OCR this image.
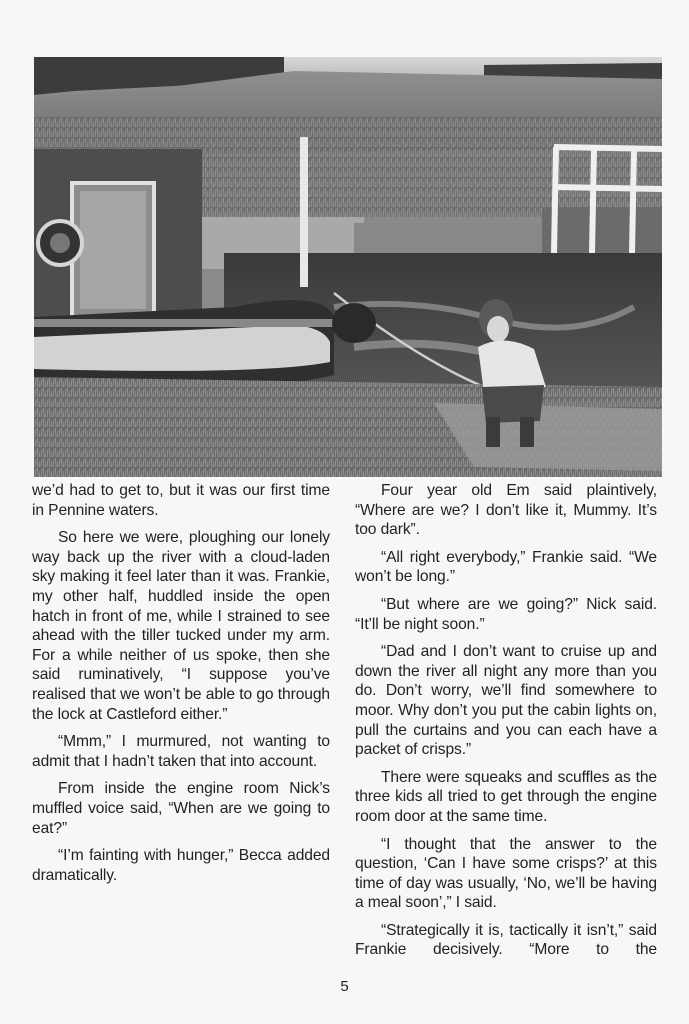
we’d had to get to, but it was our first time in Pennine waters.

So here we were, ploughing our lonely way back up the river with a cloud-laden sky making it feel later than it was. Frankie, my other half, huddled inside the open hatch in front of me, while I strained to see ahead with the tiller tucked under my arm. For a while neither of us spoke, then she said ruminatively, “I suppose you’ve realised that we won’t be able to go through the lock at Castleford either.”

“Mmm,” I murmured, not wanting to admit that I hadn’t taken that into account.

From inside the engine room Nick’s muffled voice said, “When are we going to eat?”

“I’m fainting with hunger,” Becca added dramatically.

Four year old Em said plaintively, “Where are we? I don’t like it, Mummy. It’s too dark”.

“All right everybody,” Frankie said. “We won’t be long.”

“But where are we going?” Nick said. “It’ll be night soon.”

“Dad and I don’t want to cruise up and down the river all night any more than you do. Don’t worry, we’ll find somewhere to moor. Why don’t you put the cabin lights on, pull the curtains and you can each have a packet of crisps.”

There were squeaks and scuffles as the three kids all tried to get through the engine room door at the same time.

“I thought that the answer to the question, ‘Can I have some crisps?’ at this time of day was usually, ‘No, we’ll be having a meal soon’,” I said.

“Strategically it is, tactically it isn’t,” said Frankie decisively. “More to the

5
